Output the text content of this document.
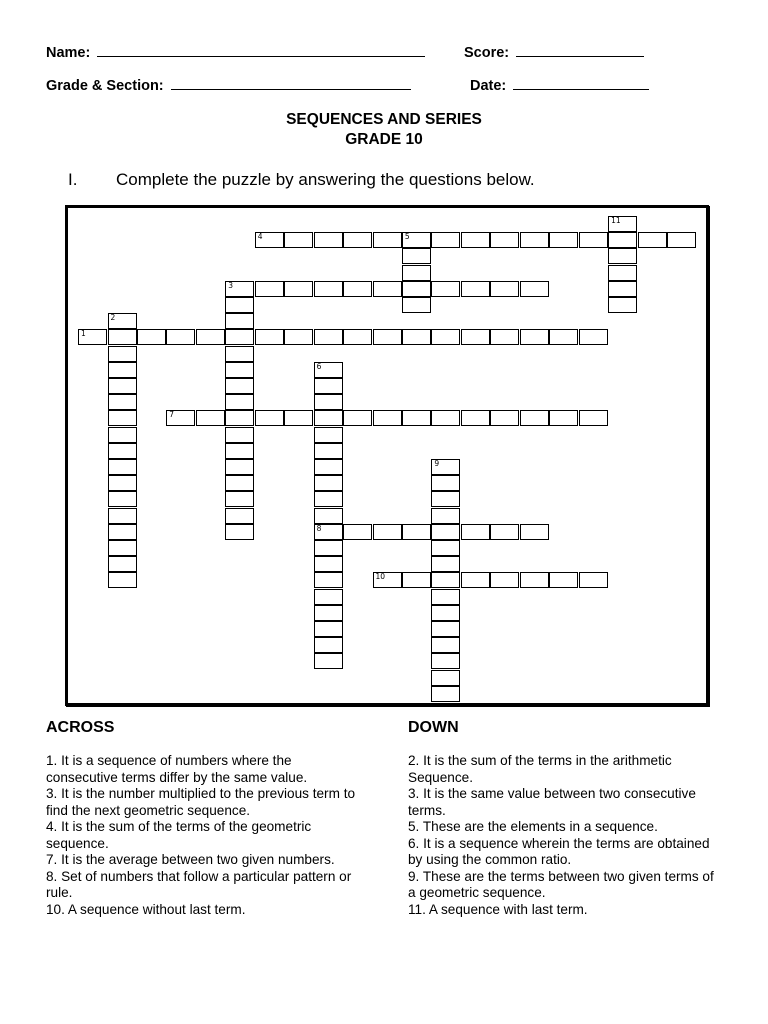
Name:	Score:
Grade & Section:	Date:
SEQUENCES AND SERIES
GRADE 10
I. Complete the puzzle by answering the questions below.
4	5
11
3
2
1
6
8
7
9
10
ACROSS

1. It is a sequence of numbers where the consecutive terms differ by the same value.

3. It is the number multiplied to the previous term to find the next geometric sequence.

4. It is the sum of the terms of the geometric sequence.

7. It is the average between two given numbers.

8. Set of numbers that follow a particular pattern or rule.

10. A sequence without last term.

DOWN

2. It is the sum of the terms in the arithmetic Sequence.

3. It is the same value between two consecutive terms.

5. These are the elements in a sequence.

6. It is a sequence wherein the terms are obtained by using the common ratio.

9. These are the terms between two given terms of a geometric sequence.

11. A sequence with last term.
